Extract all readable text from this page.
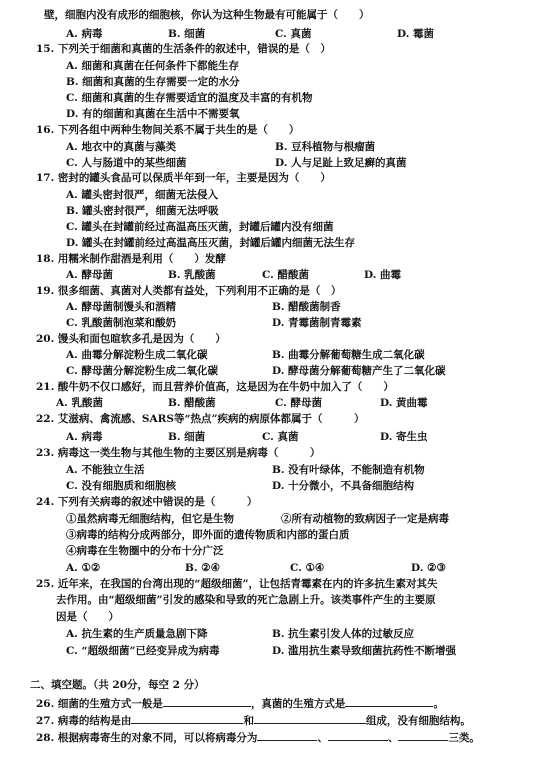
壁，细胞内没有成形的细胞核，你认为这种生物最有可能属于（　　）
A. 病毒	B. 细菌	C. 真菌	D. 霉菌
15. 下列关于细菌和真菌的生活条件的叙述中，错误的是（　）
A. 细菌和真菌在任何条件下都能生存
B. 细菌和真菌的生存需要一定的水分
C. 细菌和真菌的生存需要适宜的温度及丰富的有机物
D. 有的细菌和真菌在生活中不需要氧
16. 下列各组中两种生物间关系不属于共生的是（　　）
A. 地衣中的真菌与藻类	B. 豆科植物与根瘤菌
C. 人与肠道中的某些细菌	D. 人与足趾上致足癣的真菌
17. 密封的罐头食品可以保质半年到一年，主要是因为（　　）
A. 罐头密封很严，细菌无法侵入
B. 罐头密封很严，细菌无法呼吸
C. 罐头在封罐前经过高温高压灭菌，封罐后罐内没有细菌
D. 罐头在封罐前经过高温高压灭菌，封罐后罐内细菌无法生存
18. 用糯米制作甜酒是利用（　　）发酵
A. 酵母菌	B. 乳酸菌	C. 醋酸菌	D. 曲霉
19. 很多细菌、真菌对人类都有益处，下列利用不正确的是（　）
A. 酵母菌制馒头和酒精	B. 醋酸菌制香
C. 乳酸菌制泡菜和酸奶	D. 青霉菌制青霉素
20. 馒头和面包暄软多孔是因为（　　）
A. 曲霉分解淀粉生成二氧化碳	B. 曲霉分解葡萄糖生成二氧化碳
C. 酵母菌分解淀粉生成二氧化碳	D. 酵母菌分解葡萄糖产生了二氧化碳
21. 酸牛奶不仅口感好，而且营养价值高，这是因为在牛奶中加入了（　　）
A. 乳酸菌	B. 醋酸菌	C. 酵母菌	D. 黄曲霉
22. 艾滋病、禽流感、SARS等“热点”疾病的病原体都属于（　　　）
A. 病毒	B. 细菌	C. 真菌	D. 寄生虫
23. 病毒这一类生物与其他生物的主要区别是病毒（　　　）
A. 不能独立生活	B. 没有叶绿体，不能制造有机物
C. 没有细胞质和细胞核	D. 十分微小，不具备细胞结构
24. 下列有关病毒的叙述中错误的是（　　　）
①虽然病毒无细胞结构，但它是生物	②所有动植物的致病因子一定是病毒
③病毒的结构分成两部分，即外面的遗传物质和内部的蛋白质
④病毒在生物圈中的分布十分广泛
A. ①②	B. ②④	C. ①④	D. ②③
25. 近年来，在我国的台湾出现的“超级细菌”，让包括青霉素在内的许多抗生素对其失
去作用。由“超级细菌”引发的感染和导致的死亡急剧上升。该类事件产生的主要原
因是（　　）
A. 抗生素的生产质量急剧下降	B. 抗生素引发人体的过敏反应
C. “超级细菌”已经变异成为病毒	D. 滥用抗生素导致细菌抗药性不断增强
二、填空题。（共 20分，每空 2 分）
26. 细菌的生殖方式一般是	，真菌的生殖方式是	。
27. 病毒的结构是由	和	组成，没有细胞结构。
28. 根据病毒寄生的对象不同，可以将病毒分为	、	、	三类。
